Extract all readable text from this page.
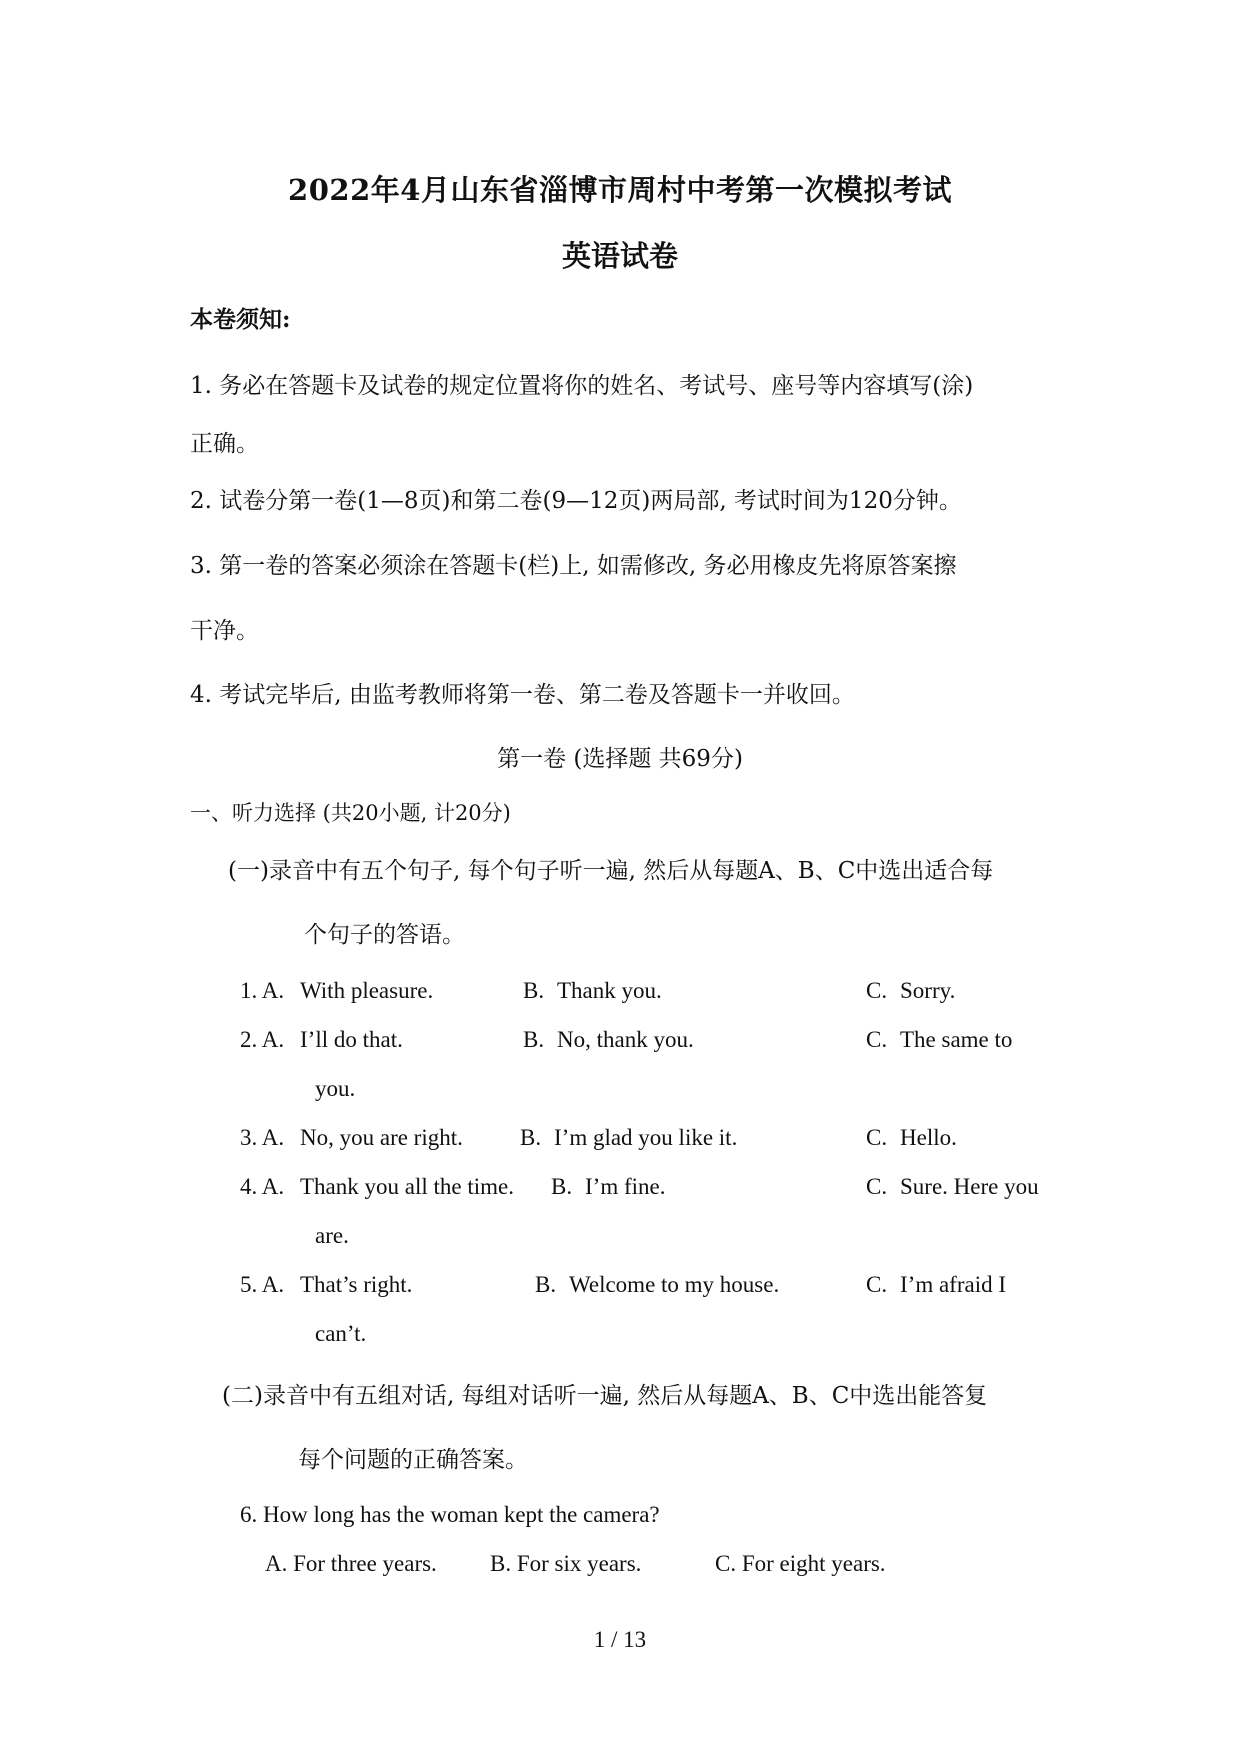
2022年4月山东省淄博市周村中考第一次模拟考试
英语试卷
本卷须知:
1. 务必在答题卡及试卷的规定位置将你的姓名、考试号、座号等内容填写(涂)
正确。
2. 试卷分第一卷(1—8页)和第二卷(9—12页)两局部, 考试时间为120分钟。
3. 第一卷的答案必须涂在答题卡(栏)上, 如需修改, 务必用橡皮先将原答案擦
干净。
4. 考试完毕后, 由监考教师将第一卷、第二卷及答题卡一并收回。
第一卷 (选择题 共69分)
一、听力选择 (共20小题, 计20分)
(一)录音中有五个句子, 每个句子听一遍, 然后从每题A、B、C中选出适合每
个句子的答语。
1. A. With pleasure.	B. Thank you.	C. Sorry.
2. A. I’ll do that.	B. No, thank you.	C. The same to
you.
3. A. No, you are right. B. I’m glad you like it.	C. Hello.
4. A. Thank you all the time. B. I’m fine.	C. Sure. Here you
are.
5. A. That’s right.	B. Welcome to my house.	C. I’m afraid I
can’t.
(二)录音中有五组对话, 每组对话听一遍, 然后从每题A、B、C中选出能答复
每个问题的正确答案。
6. How long has the woman kept the camera?
A. For three years. B. For six years.	C. For eight years.
1 / 13
